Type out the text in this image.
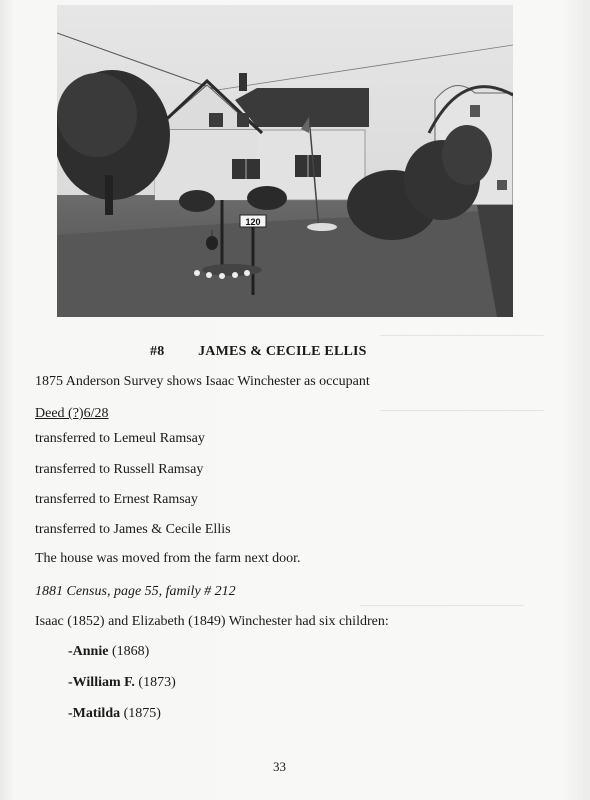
─────────────────────
─────────────────────
─────────────────────
120
#8 JAMES & CECILE ELLIS
1875 Anderson Survey shows Isaac Winchester as occupant
Deed (?)6/28
transferred to Lemeul Ramsay
transferred to Russell Ramsay
transferred to Ernest Ramsay
transferred to James & Cecile Ellis
The house was moved from the farm next door.
1881 Census, page 55, family # 212
Isaac (1852) and Elizabeth (1849) Winchester had six children:
-Annie (1868)
-William F. (1873)
-Matilda (1875)
33
